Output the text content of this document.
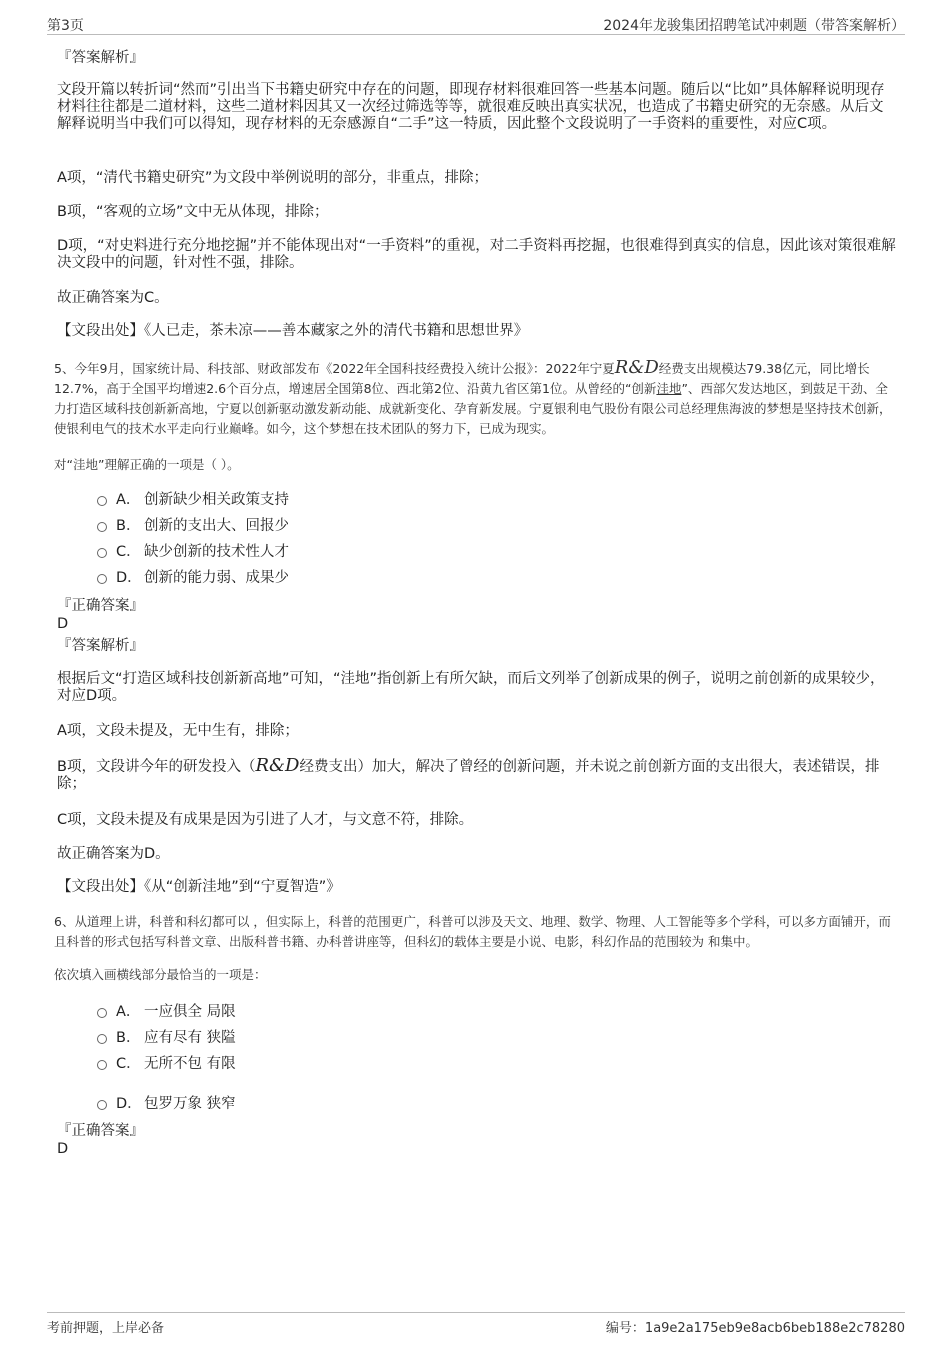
第3页	2024年龙骏集团招聘笔试冲刺题（带答案解析）
『答案解析』
文段开篇以转折词“然而”引出当下书籍史研究中存在的问题，即现存材料很难回答一些基本问题。随后以“比如”具体解释说明现存材料往往都是二道材料，这些二道材料因其又一次经过筛选等等，就很难反映出真实状况，也造成了书籍史研究的无奈感。从后文解释说明当中我们可以得知，现存材料的无奈感源自“二手”这一特质，因此整个文段说明了一手资料的重要性，对应C项。
A项，“清代书籍史研究”为文段中举例说明的部分，非重点，排除；
B项，“客观的立场”文中无从体现，排除；
D项，“对史料进行充分地挖掘”并不能体现出对“一手资料”的重视，对二手资料再挖掘，也很难得到真实的信息，因此该对策很难解决文段中的问题，针对性不强，排除。
故正确答案为C。
【文段出处】《人已走，茶未凉——善本藏家之外的清代书籍和思想世界》
5、今年9月，国家统计局、科技部、财政部发布《2022年全国科技经费投入统计公报》：2022年宁夏R&D经费支出规模达79.38亿元，同比增长12.7%，高于全国平均增速2.6个百分点，增速居全国第8位、西北第2位、沿黄九省区第1位。从曾经的“创新洼地”、西部欠发达地区，到鼓足干劲、全力打造区域科技创新新高地，宁夏以创新驱动激发新动能、成就新变化、孕育新发展。宁夏银利电气股份有限公司总经理焦海波的梦想是坚持技术创新，使银利电气的技术水平走向行业巅峰。如今，这个梦想在技术团队的努力下，已成为现实。
对“洼地”理解正确的一项是（ ）。
A． 创新缺少相关政策支持
B． 创新的支出大、回报少
C． 缺少创新的技术性人才
D． 创新的能力弱、成果少
『正确答案』
D
『答案解析』
根据后文“打造区域科技创新新高地”可知，“洼地”指创新上有所欠缺，而后文列举了创新成果的例子，说明之前创新的成果较少，对应D项。
A项，文段未提及，无中生有，排除；
B项，文段讲今年的研发投入（R&D经费支出）加大，解决了曾经的创新问题，并未说之前创新方面的支出很大，表述错误，排除；
C项，文段未提及有成果是因为引进了人才，与文意不符，排除。
故正确答案为D。
【文段出处】《从“创新洼地”到“宁夏智造”》
6、从道理上讲，科普和科幻都可以 ，但实际上，科普的范围更广，科普可以涉及天文、地理、数学、物理、人工智能等多个学科，可以多方面铺开，而且科普的形式包括写科普文章、出版科普书籍、办科普讲座等，但科幻的载体主要是小说、电影，科幻作品的范围较为 和集中。
依次填入画横线部分最恰当的一项是：
A． 一应俱全 局限
B． 应有尽有 狭隘
C． 无所不包 有限
D． 包罗万象 狭窄
『正确答案』
D
考前押题，上岸必备	编号：1a9e2a175eb9e8acb6beb188e2c78280
